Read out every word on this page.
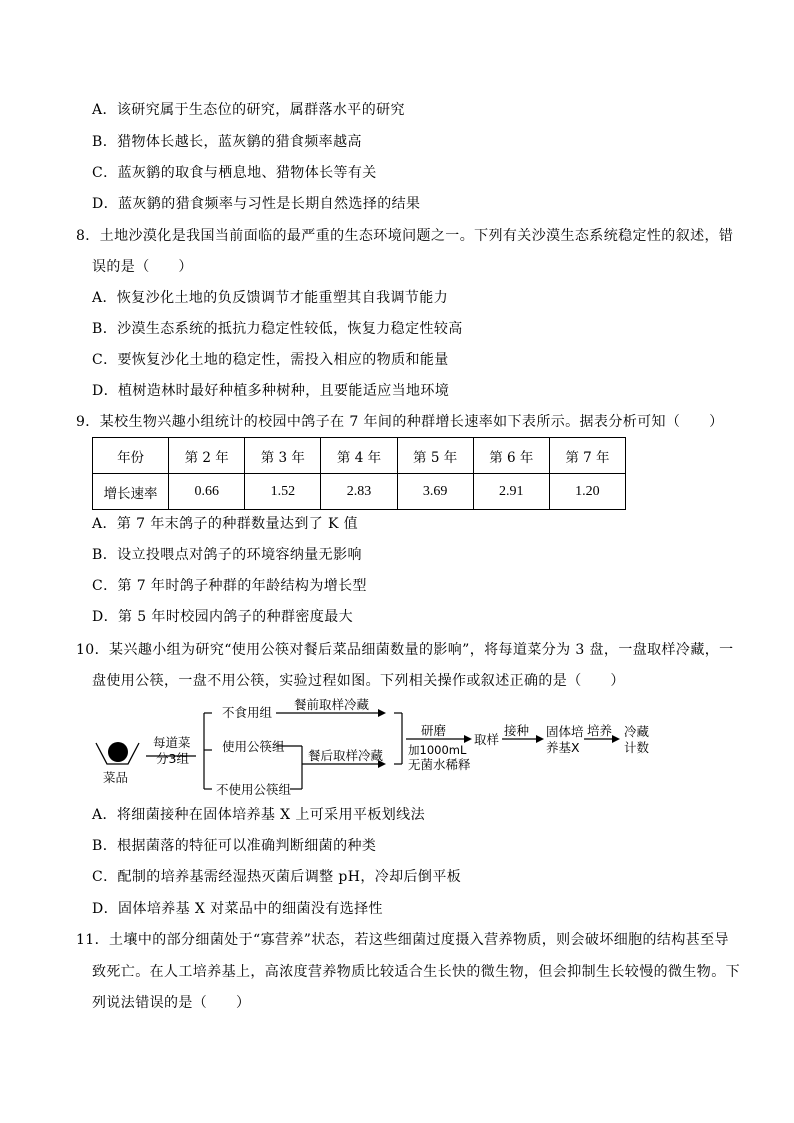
A．该研究属于生态位的研究，属群落水平的研究
B．猎物体长越长，蓝灰鹟的猎食频率越高
C．蓝灰鹟的取食与栖息地、猎物体长等有关
D．蓝灰鹟的猎食频率与习性是长期自然选择的结果
8．土地沙漠化是我国当前面临的最严重的生态环境问题之一。下列有关沙漠生态系统稳定性的叙述，错
误的是（　　）
A．恢复沙化土地的负反馈调节才能重塑其自我调节能力
B．沙漠生态系统的抵抗力稳定性较低，恢复力稳定性较高
C．要恢复沙化土地的稳定性，需投入相应的物质和能量
D．植树造林时最好种植多种树种，且要能适应当地环境
9．某校生物兴趣小组统计的校园中鸽子在 7 年间的种群增长速率如下表所示。据表分析可知（　　）
年份	第 2 年	第 3 年	第 4 年	第 5 年	第 6 年	第 7 年
增长速率	0.66	1.52	2.83	3.69	2.91	1.20
A．第 7 年末鸽子的种群数量达到了 K 值
B．设立投喂点对鸽子的环境容纳量无影响
C．第 7 年时鸽子种群的年龄结构为增长型
D．第 5 年时校园内鸽子的种群密度最大
10．某兴趣小组为研究“使用公筷对餐后菜品细菌数量的影响”，将每道菜分为 3 盘，一盘取样冷藏，一
盘使用公筷，一盘不用公筷，实验过程如图。下列相关操作或叙述正确的是（　　）
菜品
每道菜
分3组
不食用组
使用公筷组
不使用公筷组
餐前取样冷藏
餐后取样冷藏
研磨
加1000mL
无菌水稀释
取样
接种 固体培
养基X
培养 冷藏
计数
A．将细菌接种在固体培养基 X 上可采用平板划线法
B．根据菌落的特征可以准确判断细菌的种类
C．配制的培养基需经湿热灭菌后调整 pH，冷却后倒平板
D．固体培养基 X 对菜品中的细菌没有选择性
11．土壤中的部分细菌处于“寡营养”状态，若这些细菌过度摄入营养物质，则会破坏细胞的结构甚至导
致死亡。在人工培养基上，高浓度营养物质比较适合生长快的微生物，但会抑制生长较慢的微生物。下
列说法错误的是（　　）
